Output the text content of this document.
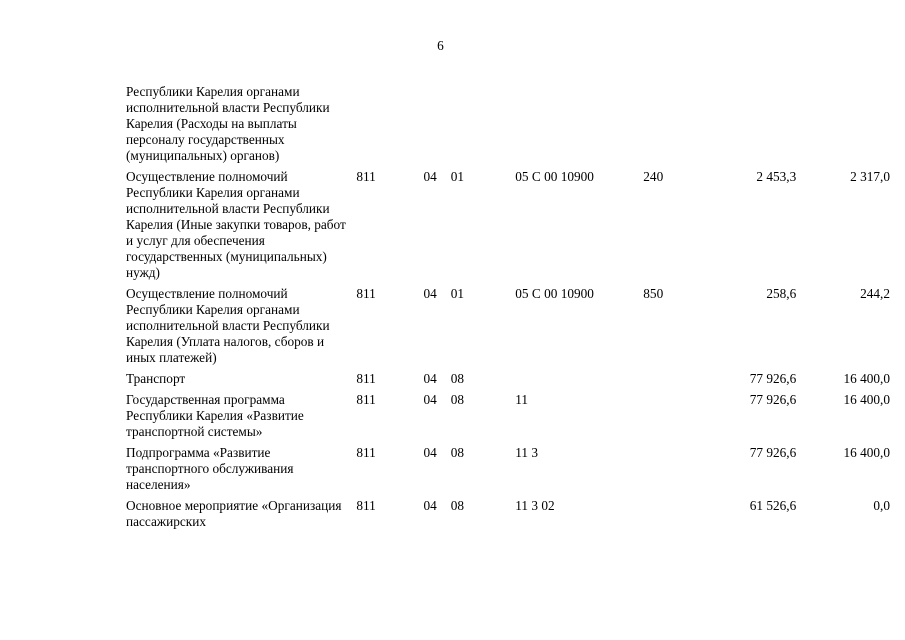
6
Республики Карелия органами исполнительной власти Республики Карелия (Расходы на выплаты персоналу государственных (муниципальных) органов)							
Осуществление полномочий Республики Карелия органами исполнительной власти Республики Карелия (Иные закупки товаров, работ и услуг для обеспечения государственных (муниципальных) нужд)	811	04	01	05 С 00 10900	240	2 453,3	2 317,0
Осуществление полномочий Республики Карелия органами исполнительной власти Республики Карелия (Уплата налогов, сборов и иных платежей)	811	04	01	05 С 00 10900	850	258,6	244,2
Транспорт	811	04	08			77 926,6	16 400,0
Государственная программа Республики Карелия «Развитие транспортной системы»	811	04	08	11		77 926,6	16 400,0
Подпрограмма «Развитие транспортного обслуживания населения»	811	04	08	11 3		77 926,6	16 400,0
Основное мероприятие «Организация пассажирских	811	04	08	11 3 02		61 526,6	0,0
